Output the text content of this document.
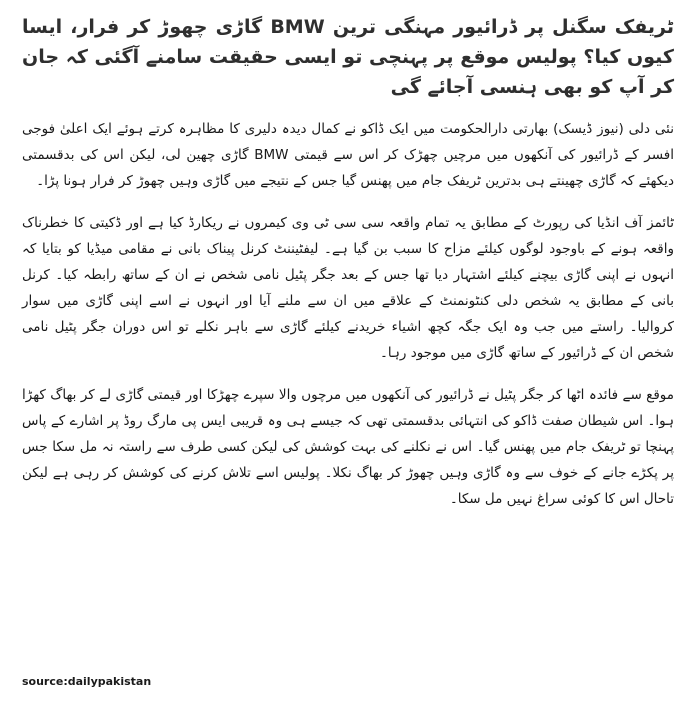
ٹریفک سگنل پر ڈرائیور مہنگی ترین BMW گاڑی چھوڑ کر فرار، ایسا کیوں کیا؟ پولیس موقع پر پہنچی تو ایسی حقیقت سامنے آگئی کہ جان کر آپ کو بھی ہنسی آجائے گی

نئی دلی (نیوز ڈیسک) بھارتی دارالحکومت میں ایک ڈاکو نے کمال دیدہ دلیری کا مظاہرہ کرتے ہوئے ایک اعلیٰ فوجی افسر کے ڈرائیور کی آنکھوں میں مرچیں چھڑک کر اس سے قیمتی BMW گاڑی چھین لی، لیکن اس کی بدقسمتی دیکھئے کہ گاڑی چھینتے ہی بدترین ٹریفک جام میں پھنس گیا جس کے نتیجے میں گاڑی وہیں چھوڑ کر فرار ہونا پڑا۔

ٹائمز آف انڈیا کی رپورٹ کے مطابق یہ تمام واقعہ سی سی ٹی وی کیمروں نے ریکارڈ کیا ہے اور ڈکیتی کا خطرناک واقعہ ہونے کے باوجود لوگوں کیلئے مزاح کا سبب بن گیا ہے۔ لیفٹیننٹ کرنل پیناک بانی نے مقامی میڈیا کو بتایا کہ انہوں نے اپنی گاڑی بیچنے کیلئے اشتہار دیا تھا جس کے بعد جگر پٹیل نامی شخص نے ان کے ساتھ رابطہ کیا۔ کرنل بانی کے مطابق یہ شخص دلی کنٹونمنٹ کے علاقے میں ان سے ملنے آیا اور انہوں نے اسے اپنی گاڑی میں سوار کروالیا۔ راستے میں جب وہ ایک جگہ کچھ اشیاء خریدنے کیلئے گاڑی سے باہر نکلے تو اس دوران جگر پٹیل نامی شخص ان کے ڈرائیور کے ساتھ گاڑی میں موجود رہا۔

موقع سے فائدہ اٹھا کر جگر پٹیل نے ڈرائیور کی آنکھوں میں مرچوں والا سپرے چھڑکا اور قیمتی گاڑی لے کر بھاگ کھڑا ہوا۔ اس شیطان صفت ڈاکو کی انتہائی بدقسمتی تھی کہ جیسے ہی وہ قریبی ایس پی مارگ روڈ پر اشارے کے پاس پہنچا تو ٹریفک جام میں پھنس گیا۔ اس نے نکلنے کی بہت کوشش کی لیکن کسی طرف سے راستہ نہ مل سکا جس پر پکڑے جانے کے خوف سے وہ گاڑی وہیں چھوڑ کر بھاگ نکلا۔ پولیس اسے تلاش کرنے کی کوشش کر رہی ہے لیکن تاحال اس کا کوئی سراغ نہیں مل سکا۔

source:dailypakistan
